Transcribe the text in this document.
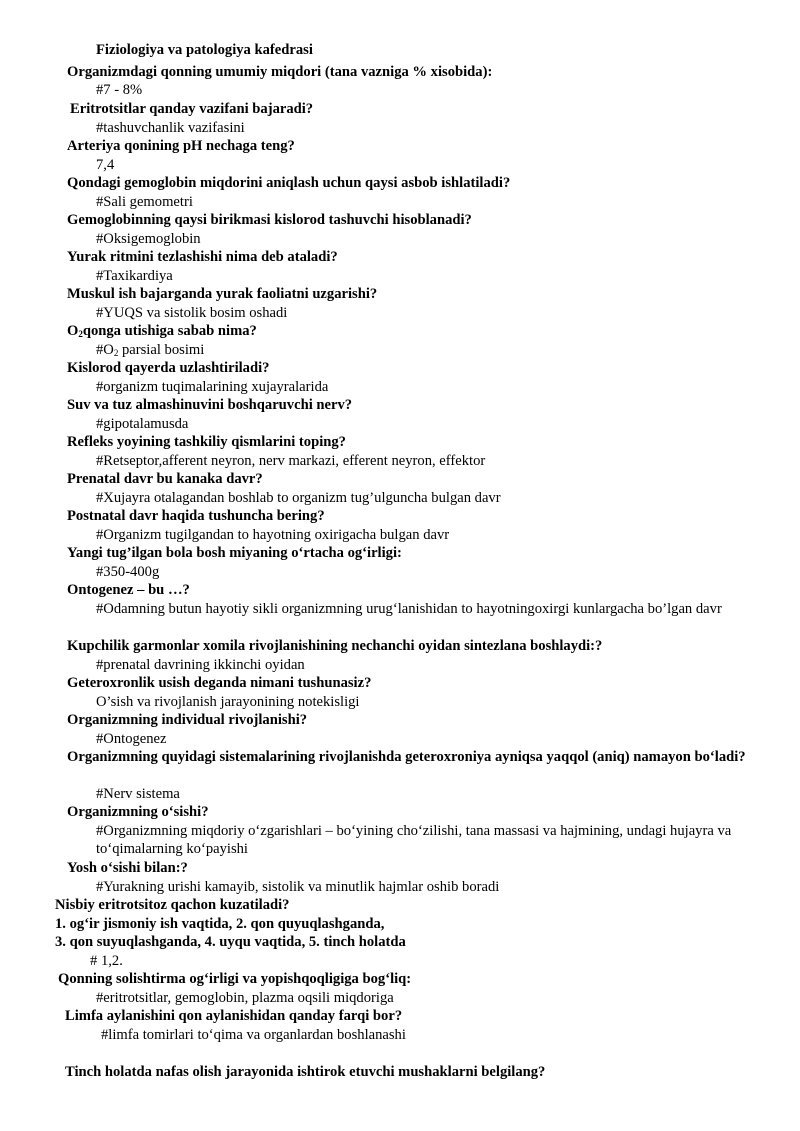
Fiziologiya va patologiya kafedrasi
Organizmdagi qonning umumiy miqdori (tana vazniga % xisobida):
#7 - 8%
Eritrotsitlar qanday vazifani bajaradi?
#tashuvchanlik vazifasini
Arteriya qonining pH nechaga teng?
7,4
Qondagi gemoglobin miqdorini aniqlash uchun qaysi asbob ishlatiladi?
#Sali gemometri
Gemoglobinning qaysi birikmasi kislorod tashuvchi hisoblanadi?
#Oksigemoglobin
Yurak ritmini tezlashishi nima deb ataladi?
#Taxikardiya
Muskul ish bajarganda yurak faoliatni uzgarishi?
#YUQS va sistolik bosim oshadi
$O_2qonga$ utishiga sabab nima?
$\#O_2$ parsial bosimi
Kislorod qayerda uzlashtiriladi?
#organizm tuqimalarining xujayralarida
Suv va tuz almashinuvini boshqaruvchi nerv?
#gipotalamusda
Refleks yoyining tashkiliy qismlarini toping?
#Retseptor,afferent neyron, nerv markazi, efferent neyron, effektor
Prenatal davr bu kanaka davr?
#Xujayra otalagandan boshlab to organizm tug’ulguncha bulgan davr
Postnatal davr haqida tushuncha bering?
#Organizm tugilgandan to hayotning oxirigacha bulgan davr
Yangi tug’ilgan bola bosh miyaning o‘rtacha og‘irligi:
#350-400g
Ontogenez – bu …?
#Odamning butun hayotiy sikli organizmning urug‘lanishidan to hayotningoxirgi kunlargacha bo’lgan davr
Kupchilik garmonlar xomila rivojlanishining nechanchi oyidan sintezlana boshlaydi:?
#prenatal davrining ikkinchi oyidan
Geteroxronlik usish deganda nimani tushunasiz?
O’sish va rivojlanish jarayonining notekisligi
Organizmning individual rivojlanishi?
#Ontogenez
Organizmning quyidagi sistemalarining rivojlanishda geteroxroniya ayniqsa yaqqol (aniq) namayon bo‘ladi?
#Nerv sistema
Organizmning o‘sishi?
#Organizmning miqdoriy o‘zgarishlari – bo‘yining cho‘zilishi, tana massasi va hajmining, undagi hujayra va to‘qimalarning ko‘payishi
Yosh o‘sishi bilan:?
#Yurakning urishi kamayib, sistolik va minutlik hajmlar oshib boradi
Nisbiy eritrotsitoz qachon kuzatiladi?
1. og‘ir jismoniy ish vaqtida, 2. qon quyuqlashganda,
3. qon suyuqlashganda, 4. uyqu vaqtida, 5. tinch holatda
# 1,2.
Qonning solishtirma og‘irligi va yopishqoqligiga bog‘liq:
#eritrotsitlar, gemoglobin, plazma oqsili miqdoriga
Limfa aylanishini qon aylanishidan qanday farqi bor?
#limfa tomirlari to‘qima va organlardan boshlanashi
Tinch holatda nafas olish jarayonida ishtirok etuvchi mushaklarni belgilang?
